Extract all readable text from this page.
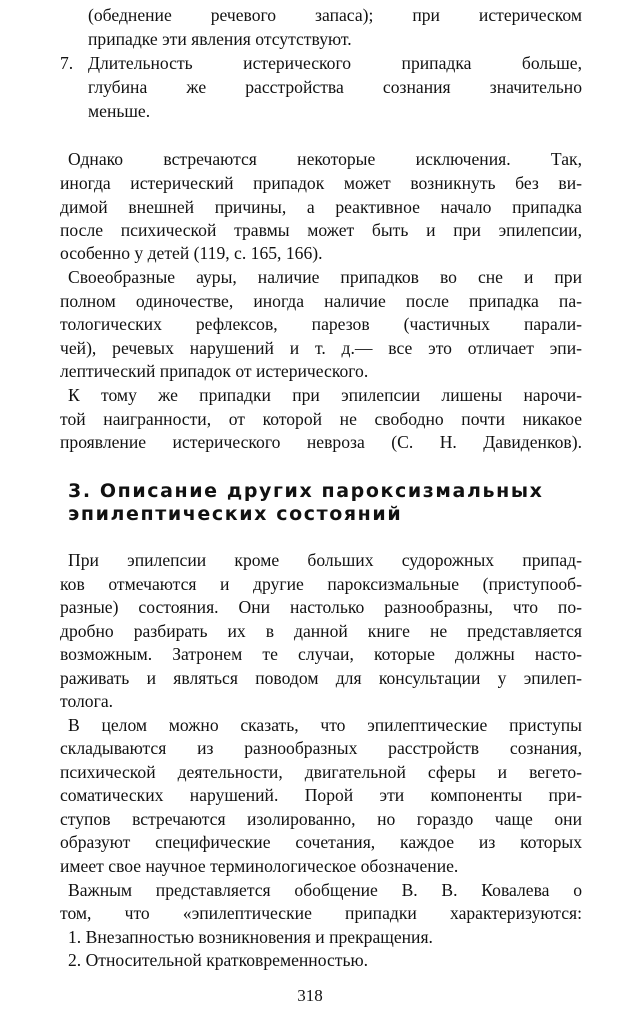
(обеднение речевого запаса); при истерическом
припадке эти явления отсутствуют.
7. Длительность истерического припадка больше,
глубина же расстройства сознания значительно
меньше.
Однако встречаются некоторые исключения. Так,
иногда истерический припадок может возникнуть без ви-
димой внешней причины, а реактивное начало припадка
после психической травмы может быть и при эпилепсии,
особенно у детей (119, с. 165, 166).
Своеобразные ауры, наличие припадков во сне и при
полном одиночестве, иногда наличие после припадка па-
тологических рефлексов, парезов (частичных парали-
чей), речевых нарушений и т. д.— все это отличает эпи-
лептический припадок от истерического.
К тому же припадки при эпилепсии лишены нарочи-
той наигранности, от которой не свободно почти никакое
проявление истерического невроза (С. Н. Давиденков).
3. Описание других пароксизмальных
эпилептических состояний
При эпилепсии кроме больших судорожных припад-
ков отмечаются и другие пароксизмальные (приступооб-
разные) состояния. Они настолько разнообразны, что по-
дробно разбирать их в данной книге не представляется
возможным. Затронем те случаи, которые должны насто-
раживать и являться поводом для консультации у эпилеп-
толога.
В целом можно сказать, что эпилептические приступы
складываются из разнообразных расстройств сознания,
психической деятельности, двигательной сферы и вегето-
соматических нарушений. Порой эти компоненты при-
ступов встречаются изолированно, но гораздо чаще они
образуют специфические сочетания, каждое из которых
имеет свое научное терминологическое обозначение.
Важным представляется обобщение В. В. Ковалева о
том, что «эпилептические припадки характеризуются:
1. Внезапностью возникновения и прекращения.
2. Относительной кратковременностью.
318
